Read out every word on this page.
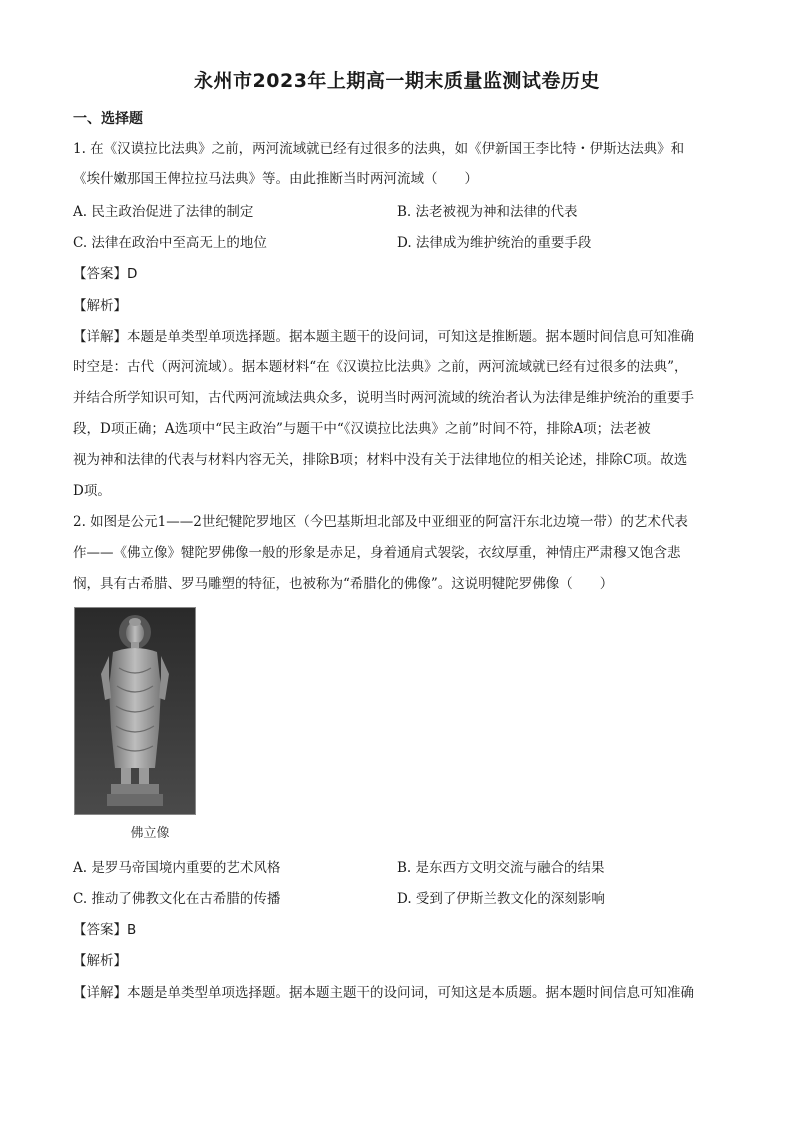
永州市2023年上期高一期末质量监测试卷历史
一、选择题
1. 在《汉谟拉比法典》之前，两河流域就已经有过很多的法典，如《伊新国王李比特・伊斯达法典》和
《埃什嫩那国王俾拉拉马法典》等。由此推断当时两河流域（　　）
A. 民主政治促进了法律的制定	B. 法老被视为神和法律的代表
C. 法律在政治中至高无上的地位	D. 法律成为维护统治的重要手段
【答案】D
【解析】
【详解】本题是单类型单项选择题。据本题主题干的设问词，可知这是推断题。据本题时间信息可知准确
时空是：古代（两河流域）。据本题材料“在《汉谟拉比法典》之前，两河流域就已经有过很多的法典”，
并结合所学知识可知，古代两河流域法典众多，说明当时两河流域的统治者认为法律是维护统治的重要手
段，D项正确；A选项中“民主政治”与题干中“《汉谟拉比法典》之前”时间不符，排除A项；法老被
视为神和法律的代表与材料内容无关，排除B项；材料中没有关于法律地位的相关论述，排除C项。故选
D项。
2. 如图是公元1——2世纪犍陀罗地区（今巴基斯坦北部及中亚细亚的阿富汗东北边境一带）的艺术代表
作——《佛立像》犍陀罗佛像一般的形象是赤足，身着通肩式袈裟，衣纹厚重，神情庄严肃穆又饱含悲
悯，具有古希腊、罗马雕塑的特征，也被称为“希腊化的佛像”。这说明犍陀罗佛像（　　）
佛立像
A. 是罗马帝国境内重要的艺术风格	B. 是东西方文明交流与融合的结果
C. 推动了佛教文化在古希腊的传播	D. 受到了伊斯兰教文化的深刻影响
【答案】B
【解析】
【详解】本题是单类型单项选择题。据本题主题干的设问词，可知这是本质题。据本题时间信息可知准确
